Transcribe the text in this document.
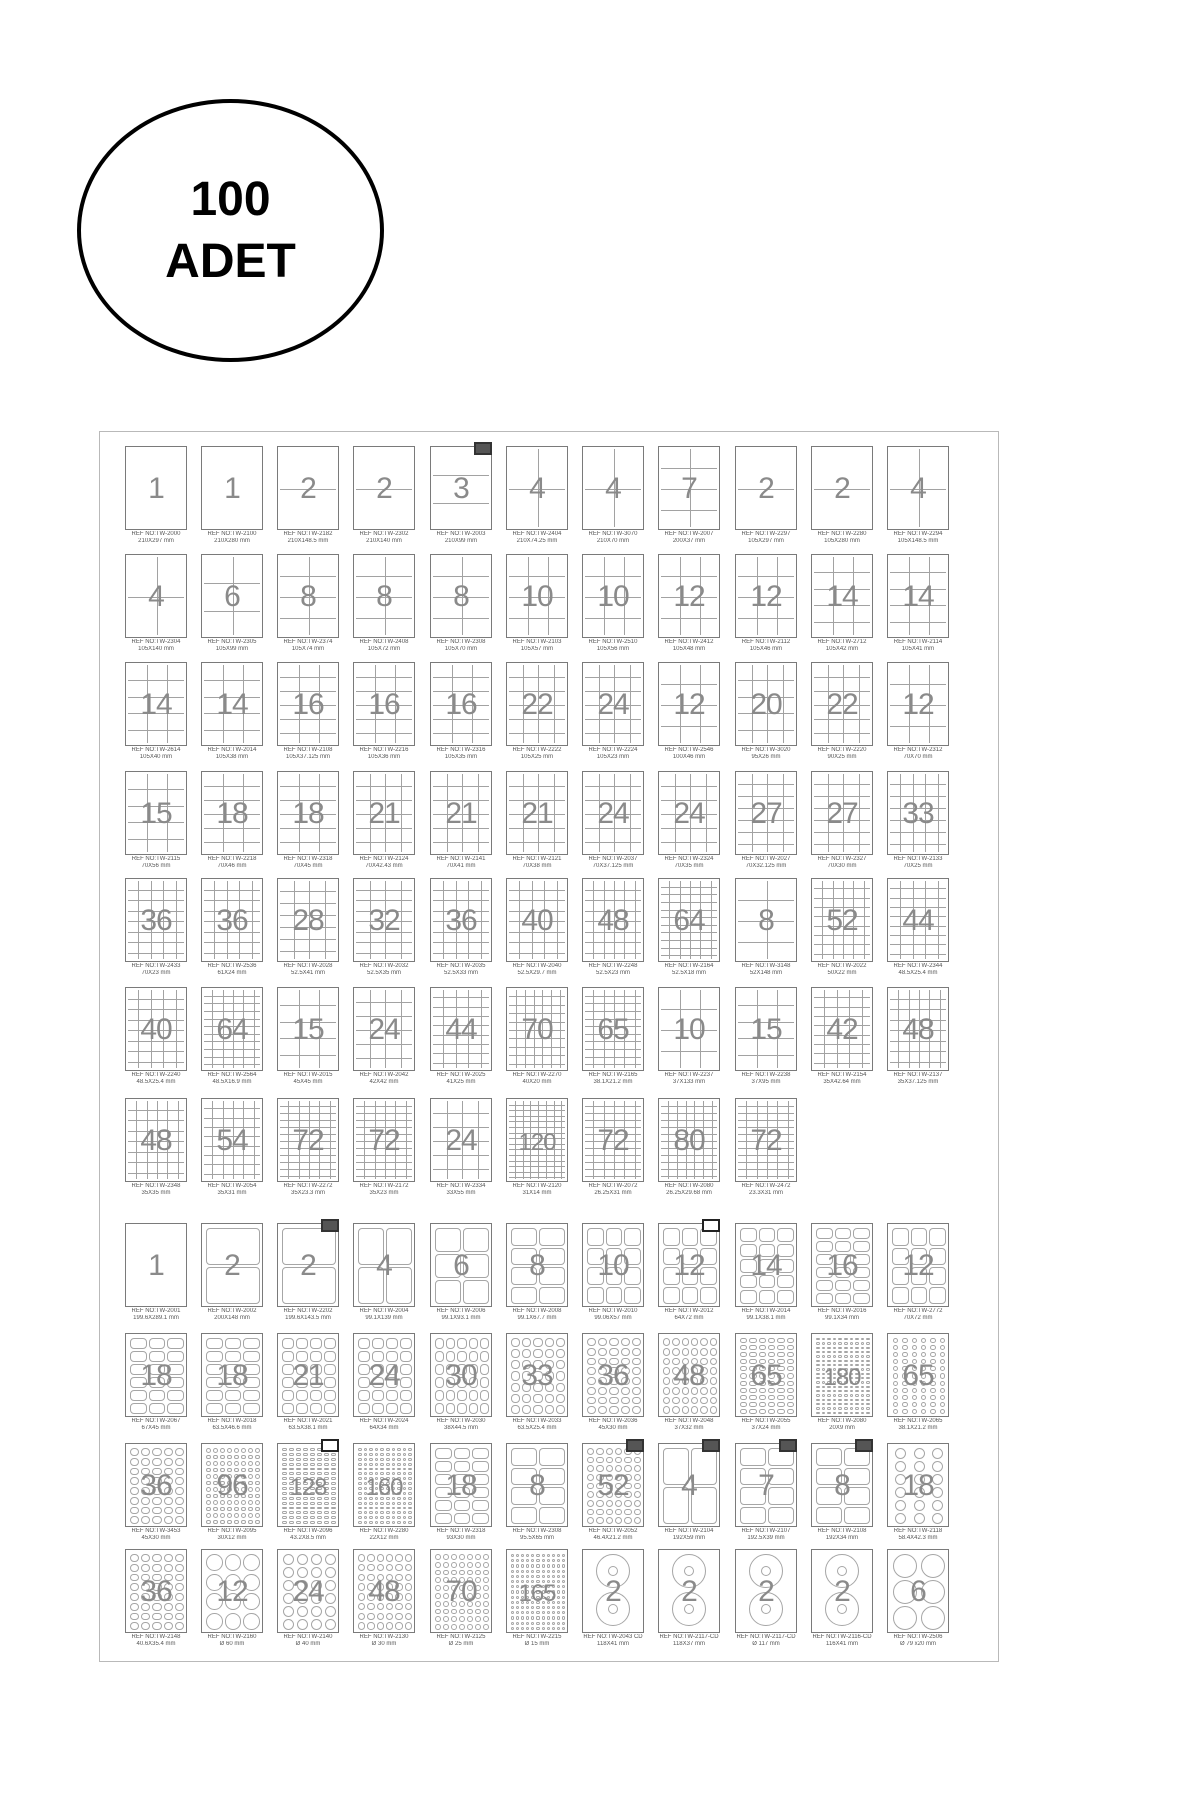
100
ADET
1
REF NO:TW-2000
210X297 mm
1
REF NO:TW-2100
210X280 mm
2
REF NO:TW-2182
210X148.5 mm
2
REF NO:TW-2302
210X140 mm
3
REF NO:TW-2003
210X99 mm
4
REF NO:TW-2404
210X74.25 mm
4
REF NO:TW-3070
210X70 mm
7
REF NO:TW-2007
200X37 mm
2
REF NO:TW-2297
105X297 mm
2
REF NO:TW-2280
105X280 mm
4
REF NO:TW-2294
105X148.5 mm
4
REF NO:TW-2304
105X140 mm
6
REF NO:TW-2305
105X99 mm
8
REF NO:TW-2374
105X74 mm
8
REF NO:TW-2408
105X72 mm
8
REF NO:TW-2308
105X70 mm
10
REF NO:TW-2103
105X57 mm
10
REF NO:TW-2510
105X56 mm
12
REF NO:TW-2412
105X48 mm
12
REF NO:TW-2112
105X46 mm
14
REF NO:TW-2712
105X42 mm
14
REF NO:TW-2114
105X41 mm
14
REF NO:TW-2614
105X40 mm
14
REF NO:TW-2014
105X38 mm
16
REF NO:TW-2108
105X37.125 mm
16
REF NO:TW-2216
105X36 mm
16
REF NO:TW-2316
105X35 mm
22
REF NO:TW-2222
105X25 mm
24
REF NO:TW-2224
105X23 mm
12
REF NO:TW-2546
100X46 mm
20
REF NO:TW-3020
95X26 mm
22
REF NO:TW-2220
90X25 mm
12
REF NO:TW-2312
70X70 mm
15
REF NO:TW-2115
70X56 mm
18
REF NO:TW-2218
70X46 mm
18
REF NO:TW-2318
70X45 mm
21
REF NO:TW-2124
70X42.43 mm
21
REF NO:TW-2141
70X41 mm
21
REF NO:TW-2121
70X38 mm
24
REF NO:TW-2037
70X37.125 mm
24
REF NO:TW-2324
70X35 mm
27
REF NO:TW-2027
70X32.125 mm
27
REF NO:TW-2327
70X30 mm
33
REF NO:TW-2133
70X25 mm
36
REF NO:TW-2433
70X23 mm
36
REF NO:TW-2536
61X24 mm
28
REF NO:TW-2028
52.5X41 mm
32
REF NO:TW-2032
52.5X35 mm
36
REF NO:TW-2035
52.5X33 mm
40
REF NO:TW-2040
52.5X29.7 mm
48
REF NO:TW-2248
52.5X23 mm
64
REF NO:TW-2164
52.5X18 mm
8
REF NO:TW-3148
52X148 mm
52
REF NO:TW-2022
50X22 mm
44
REF NO:TW-2344
48.5X25.4 mm
40
REF NO:TW-2240
48.5X25.4 mm
64
REF NO:TW-2564
48.5X16.9 mm
15
REF NO:TW-2015
45X45 mm
24
REF NO:TW-2042
42X42 mm
44
REF NO:TW-2025
41X25 mm
70
REF NO:TW-2270
40X20 mm
65
REF NO:TW-2165
38.1X21.2 mm
10
REF NO:TW-2237
37X133 mm
15
REF NO:TW-2238
37X95 mm
42
REF NO:TW-2154
35X42.64 mm
48
REF NO:TW-2137
35X37.125 mm
48
REF NO:TW-2348
35X35 mm
54
REF NO:TW-2054
35X31 mm
72
REF NO:TW-2272
35X23.3 mm
72
REF NO:TW-2172
35X23 mm
24
REF NO:TW-2334
33X55 mm
120
REF NO:TW-2120
31X14 mm
72
REF NO:TW-2072
26.25X31 mm
80
REF NO:TW-2080
26.25X29.68 mm
72
REF NO:TW-2472
23.3X31 mm
1
REF NO:TW-2001
199.6X289.1 mm
2
REF NO:TW-2002
200X148 mm
2
REF NO:TW-2202
199.6X143.5 mm
4
REF NO:TW-2004
99.1X139 mm
6
REF NO:TW-2006
99.1X93.1 mm
8
REF NO:TW-2008
99.1X67.7 mm
10
REF NO:TW-2010
99.06X57 mm
12
REF NO:TW-2012
64X72 mm
14
REF NO:TW-2014
99.1X38.1 mm
16
REF NO:TW-2016
99.1X34 mm
12
REF NO:TW-2772
70X72 mm
18
REF NO:TW-2067
67X45 mm
18
REF NO:TW-2018
63.5X46.6 mm
21
REF NO:TW-2021
63.5X38.1 mm
24
REF NO:TW-2024
64X34 mm
30
REF NO:TW-2030
38X44.5 mm
33
REF NO:TW-2033
63.5X25.4 mm
36
REF NO:TW-2036
45X30 mm
48
REF NO:TW-2048
37X32 mm
65
REF NO:TW-2055
37X24 mm
180
REF NO:TW-2080
20X9 mm
65
REF NO:TW-2065
38.1X21.2 mm
36
REF NO:TW-3453
45X30 mm
96
REF NO:TW-2095
30X12 mm
128
REF NO:TW-2096
43.2X8.5 mm
160
REF NO:TW-2280
22X12 mm
18
REF NO:TW-2318
93X30 mm
8
REF NO:TW-2308
95.5X65 mm
52
REF NO:TW-2052
46.4X21.2 mm
4
REF NO:TW-2104
192X59 mm
7
REF NO:TW-2107
192.5X39 mm
8
REF NO:TW-2108
192X34 mm
18
REF NO:TW-2118
58.4X42.3 mm
36
REF NO:TW-2148
40.6X35.4 mm
12
REF NO:TW-2160
Ø 60 mm
24
REF NO:TW-2140
Ø 40 mm
48
REF NO:TW-2130
Ø 30 mm
70
REF NO:TW-2125
Ø 25 mm
165
REF NO:TW-2215
Ø 15 mm
2
REF NO:TW-2043 CD
118X41 mm
2
REF NO:TW-2117-CD
118X37 mm
2
REF NO:TW-2117-CD
Ø 117 mm
2
REF NO:TW-2116-CD
116X41 mm
6
REF NO:TW-2506
Ø 79 x20 mm
